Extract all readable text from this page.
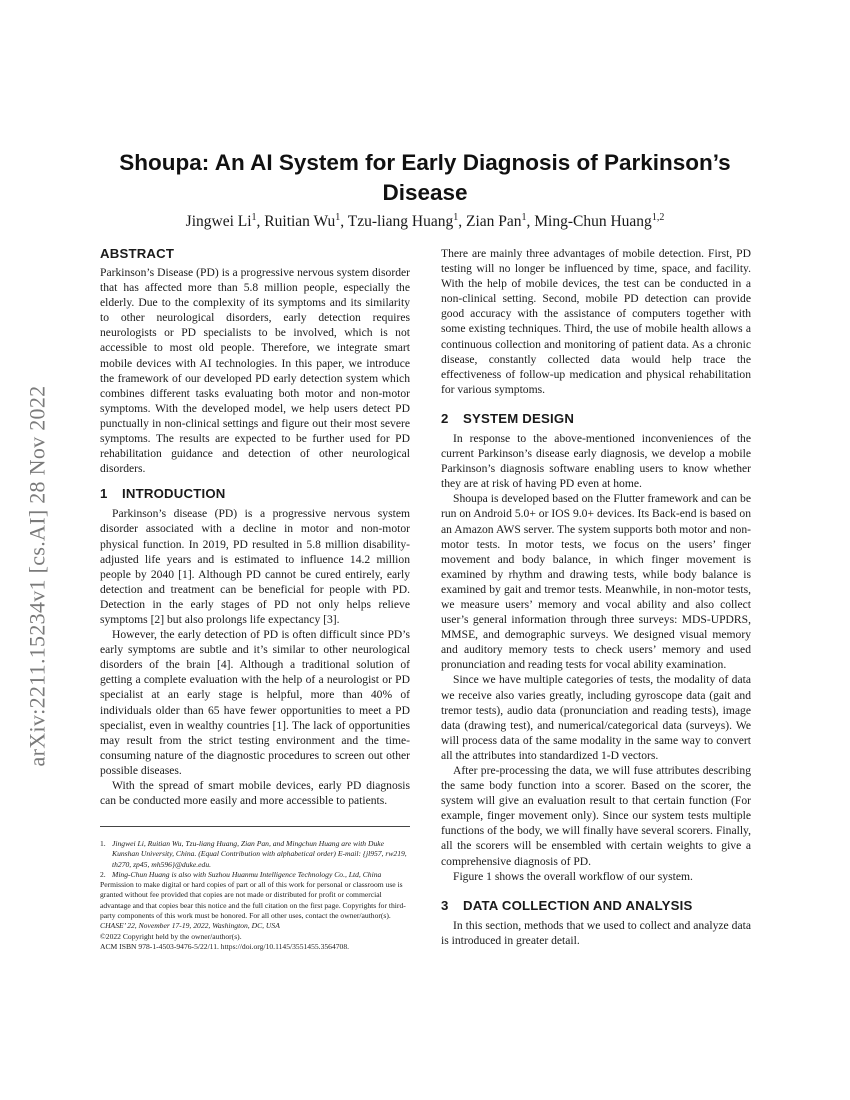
arXiv:2211.15234v1 [cs.AI] 28 Nov 2022
Shoupa: An AI System for Early Diagnosis of Parkinson’s Disease
Jingwei Li$^1$, Ruitian Wu$^1$, Tzu-liang Huang$^1$, Zian Pan$^1$, Ming-Chun Huang$^{1,2}$
ABSTRACT

Parkinson’s Disease (PD) is a progressive nervous system disorder that has affected more than 5.8 million people, especially the elderly. Due to the complexity of its symptoms and its similarity to other neurological disorders, early detection requires neurologists or PD specialists to be involved, which is not accessible to most old people. Therefore, we integrate smart mobile devices with AI technologies. In this paper, we introduce the framework of our developed PD early detection system which combines different tasks evaluating both motor and non-motor symptoms. With the developed model, we help users detect PD punctually in non-clinical settings and figure out their most severe symptoms. The results are expected to be further used for PD rehabilitation guidance and detection of other neurological disorders.

1 INTRODUCTION

Parkinson’s disease (PD) is a progressive nervous system disorder associated with a decline in motor and non-motor physical function. In 2019, PD resulted in 5.8 million disability-adjusted life years and is estimated to influence 14.2 million people by 2040 [1]. Although PD cannot be cured entirely, early detection and treatment can be beneficial for people with PD. Detection in the early stages of PD not only helps relieve symptoms [2] but also prolongs life expectancy [3].

However, the early detection of PD is often difficult since PD’s early symptoms are subtle and it’s similar to other neurological disorders of the brain [4]. Although a traditional solution of getting a complete evaluation with the help of a neurologist or PD specialist at an early stage is helpful, more than 40% of individuals older than 65 have fewer opportunities to meet a PD specialist, even in wealthy countries [1]. The lack of opportunities may result from the strict testing environment and the time-consuming nature of the diagnostic procedures to screen out other possible diseases.

With the spread of smart mobile devices, early PD diagnosis can be conducted more easily and more accessible to patients.

1. Jingwei Li, Ruitian Wu, Tzu-liang Huang, Zian Pan, and Mingchun Huang are with Duke Kunshan University, China. (Equal Contribution with alphabetical order) E-mail: {jl957, rw219, th270, zp45, mh596}@duke.edu.
2. Ming-Chun Huang is also with Suzhou Huanmu Intelligence Technology Co., Ltd, China
Permission to make digital or hard copies of part or all of this work for personal or classroom use is granted without fee provided that copies are not made or distributed for profit or commercial advantage and that copies bear this notice and the full citation on the first page. Copyrights for third-party components of this work must be honored. For all other uses, contact the owner/author(s).
CHASE’ 22, November 17-19, 2022, Washington, DC, USA
©2022 Copyright held by the owner/author(s).
ACM ISBN 978-1-4503-9476-5/22/11. https://doi.org/10.1145/3551455.3564708.

There are mainly three advantages of mobile detection. First, PD testing will no longer be influenced by time, space, and facility. With the help of mobile devices, the test can be conducted in a non-clinical setting. Second, mobile PD detection can provide good accuracy with the assistance of computers together with some existing techniques. Third, the use of mobile health allows a continuous collection and monitoring of patient data. As a chronic disease, constantly collected data would help trace the effectiveness of follow-up medication and physical rehabilitation for various symptoms.

2 SYSTEM DESIGN

In response to the above-mentioned inconveniences of the current Parkinson’s disease early diagnosis, we develop a mobile Parkinson’s diagnosis software enabling users to know whether they are at risk of having PD even at home.

Shoupa is developed based on the Flutter framework and can be run on Android 5.0+ or IOS 9.0+ devices. Its Back-end is based on an Amazon AWS server. The system supports both motor and non-motor tests. In motor tests, we focus on the users’ finger movement and body balance, in which finger movement is examined by rhythm and drawing tests, while body balance is examined by gait and tremor tests. Meanwhile, in non-motor tests, we measure users’ memory and vocal ability and also collect user’s general information through three surveys: MDS-UPDRS, MMSE, and demographic surveys. We designed visual memory and auditory memory tests to check users’ memory and used pronunciation and reading tests for vocal ability examination.

Since we have multiple categories of tests, the modality of data we receive also varies greatly, including gyroscope data (gait and tremor tests), audio data (pronunciation and reading tests), image data (drawing test), and numerical/categorical data (surveys). We will process data of the same modality in the same way to convert all the attributes into standardized 1-D vectors.

After pre-processing the data, we will fuse attributes describing the same body function into a scorer. Based on the scorer, the system will give an evaluation result to that certain function (For example, finger movement only). Since our system tests multiple functions of the body, we will finally have several scorers. Finally, all the scorers will be ensembled with certain weights to give a comprehensive diagnosis of PD.

Figure 1 shows the overall workflow of our system.

3 DATA COLLECTION AND ANALYSIS

In this section, methods that we used to collect and analyze data is introduced in greater detail.
